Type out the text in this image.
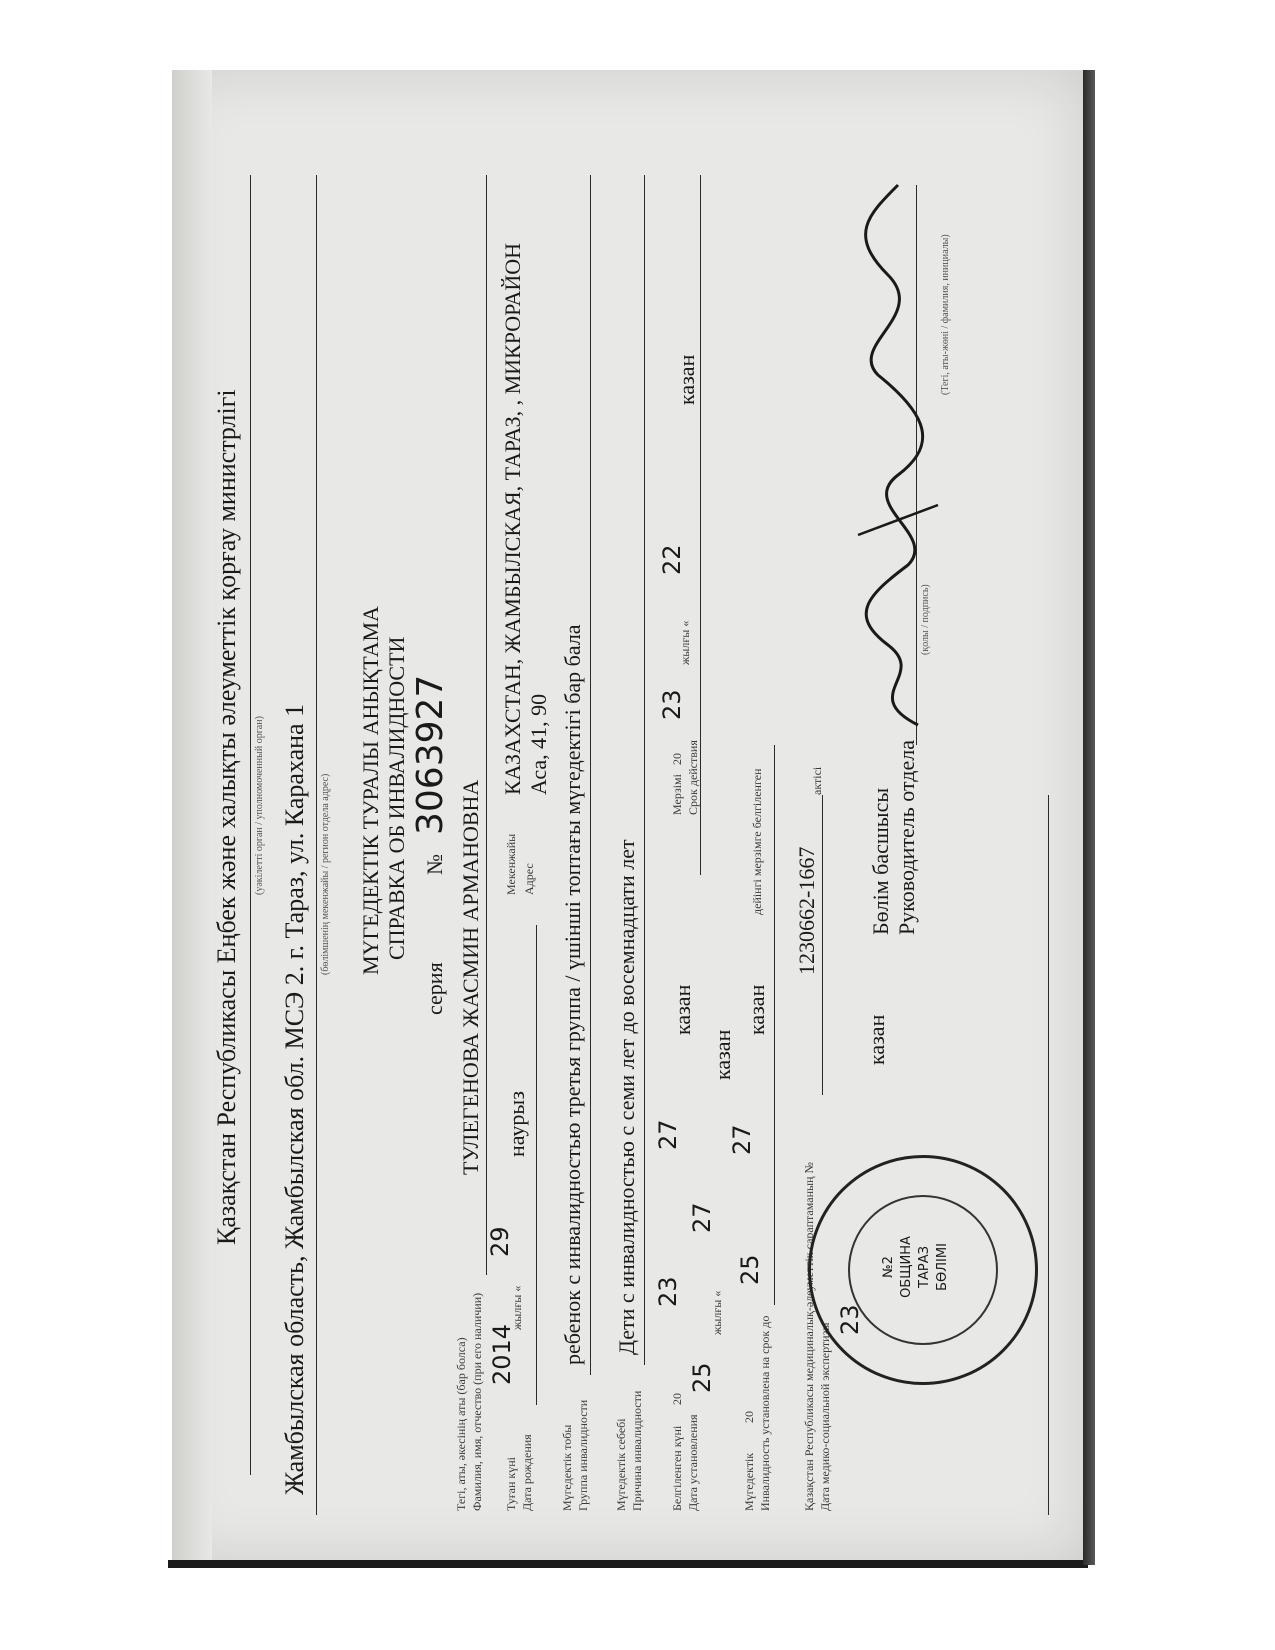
Қазақстан Республикасы Еңбек және халықты әлеуметтік қорғау министрлігі (уәкілетті орган / уполномоченный орган) Жамбылская область, Жамбылская обл. МСЭ 2. г. Тараз, ул. Караханa 1 (бөлімшенің мекенжайы / регион отдела адрес) МҮГЕДЕКТІК ТУРАЛЫ АНЫҚТАМА СПРАВКА ОБ ИНВАЛИДНОСТИ
серия
№
3063927
Тегі, аты, әкесінің аты (бар болса) Фамилия, имя, отчество (при его наличии)
ТУЛЕГЕНОВА ЖАСМИН АРМАНОВНА
Туған күні Дата рождения
2014
жылғы «
29
наурыз
Мекенжайы Адрес
КАЗАХСТАН, ЖАМБЫЛСКАЯ, ТАРАЗ, , МИКРОРАЙОН Аса, 41, 90
Мүгедектік тобы Группа инвалидности
ребенок с инвалидностью третья группа / үшінші топтағы мүгедектігі бар бала
Мүгедектік себебі Причина инвалидности
Дети с инвалидностью с семи лет до восемнадцати лет
Белгіленген күні Дата установления
20
23
27
казан
25
жылғы «
27
казан
Мерзімі
20 Срок действия
23
жылғы «
22
казан
Мүгедектік
20 Инвалидность установлена на срок до
25
27
казан
дейінгі мерзімге белгіленген
Қазақстан Республикасы медициналық-әлеуметтік сараптаманың № Дата медико-социальной экспертизы
1230662-1667
актісі
23
казан
Бөлім басшысы Руководитель отдела
(қолы / подпись)
(Тегі, аты-жөні / фамилия, инициалы)
№2 ОБЩИНА ТАРАЗ БӨЛІМІ
